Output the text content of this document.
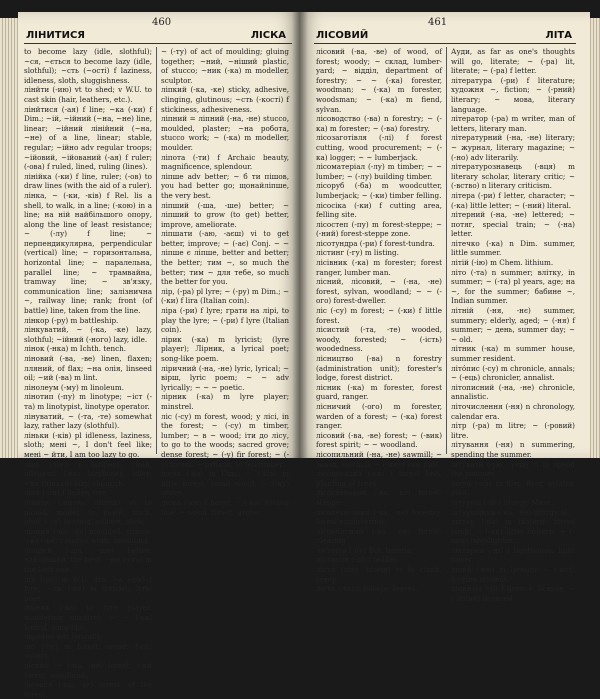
460
ЛІНИТИСЯ	ЛІСКА

to become lazy (idle, slothful); ~ся, ~ється to become lazy (idle, slothful); ~сть (~ості) f laziness, idleness, sloth, sluggishness.

лінйти (-ию) vt to shed; v W.U. to cast skin (hair, leathers, etc.).

лінйтися (-ая) f line; ~ка (-ки) f Dim.; ~ій, ~ійний (~на, ~не) line, linear; ~ійний лінійний (~на, ~не) of a line, linear; stable, regular; ~ійно adv regular troops; ~ійовий, ~ійований (-ая) f ruler; (-ова) f ruled, lined, ruling (lines).

лінійка (-ки) f line, ruler; (-ов) to draw lines (with the aid of a ruler).

лінка, ~ (-ки, -ків) f Rel. lis a shell, to walk, in a line; (-кою) in a line; на ній найбільшого опору, along the line of least resistance; ~ (-лу) f line; ~ перпендикулярна, perpendicular (vertical) line; ~ горизонтальна, horizontal line; ~ паралельна, parallel line; ~ трамвайна, tramway line; ~ зв'язку, communication line; залізнична ~, railway line; rank; front (of battle) line, taken from the line.

лінкор (-ру) m battleship.

лінкуватий, ~ (-кa, -ке) lazy, slothful; ~ійний (-ного) lazy, idle.

лінок (-нка) m Ichth. tench.

ліновий (-ва, -ве) linen, flaxen; лляний, of flax; ~на олія, linseed oil; ~ий (-ва) m lint.

лінолеум (-му) m linoleum.

лінотип (-пу) m linotype; ~іст (-та) m linotypist, linotype operator.

лінуватий, ~ (-та, -те) somewhat lazy, rather lazy (slothful).

ліньки (-ків) pl idleness, laziness, sloth; мені ~, I don't feel like; мені ~ йти, I am too lazy to go.

лінь (ліні) f laziness, sloth, idleness; (-нь) lazybones, idler; ~ки (ліньки) lazy, sluggish.

ліпа (-пи) f linden tree.

ліпити (ліплю, ліпиш) vt to mould, model; to paste, stick, glue; (-ся) to cling, adhere, stick.

ліпний (-на, -не) moulded, stucco; ~ва (-ви) f stucco work, moulding.

ліпший (-ша, -ше) better; найліпший, the best; ~ий (-ого) m the best one.

лір (-ра) m W.U. lira; ~а (-ри) f lyre; ~ик (-ка) m lyricist, lyric poet.

лірник (-ка) m lyre player, wandering minstrel; ~ ~ (-ка) lyrical, song-like.

лірично adv lyrically.

ліс (-су) m forest, wood; (-си) woods.

лісний, ~ (-на, -не) forest; ~ий forest, woodland.

лісовий (-ва, -ве) forest, of the forest.

~ (-ту) of act of moulding; gluing together; ~ний, ~ніший plastic, of stucco; ~ник (-ка) m modeller, sculptor.

ліпкий (-ка, -ке) sticky, adhesive, clinging, glutinous; ~сть (-кості) f stickiness, adhesiveness.

ліпний = ліпний (-на, -не) stucco, moulded, plaster; ~на робота, stucco work; ~ (-ка) m modeller, moulder.

ліпота (-ти) f Archaic beauty, magnificence, splendour.

ліпше adv better; ~ б ти пішов, you had better go; щонайліпше, the very best.

ліпший (-ша, -ше) better; ~ ліпший to grow (to get) better, improve, ameliorate.

ліпшати (-аю, -аєш) vi to get better, improve; ~ (-ає) Conj. ~ ~ ліпше є ліпше, better and better; the better; тим ~, so much the better; тим ~ для тебе, so much the better for you.

лір, (-ра) pl lyre; ~ (-ру) m Dim.; ~ (-ки) f lira (Italian coin).

ліра (-ри) f lyre; грати на лірі, to play the lyre; ~ (-ри) f lyre (Italian coin).

лірик (-ка) m lyricist; (lyre player); Лірник, a lyrical poet; song-like poem.

ліричний (-на, -не) lyric, lyrical; ~ вірш, lyric poem; ~ ~ adv lyrically; ~ ~ ~ poetic.

лірник (-ка) m lyre player; minstrel.

ліс (-су) m forest, wood; у лісі, in the forest; ~ (-су) m timber, lumber; ~ в ~ wood; іти до лісу, to go to the woods; sacred grove; dense forest; ~ (-у) fir forest; ~ (-у) forest; ~ рубати, to fell timber.

лісик (-ка) m Dim.; ~ (-ків) m little forest, small wood; ~ (-ку) grove.

ліска (-ки) f hazel; ~ (-ка) fishing line; ~ wood, forest, grove.

461
ЛІСОВИЙ	ЛІТА

лісовий (-ва, -ве) of wood, of forest; woody; ~ склад, lumber-yard; ~ відділ, department of forestry; ~ ~ (-ка) forester, woodman; ~ (-ка) m forester, woodsman; ~ (-ка) m fiend, sylvan.

лісоводство (-ва) n forestry; ~ (-ка) m forester; ~ (-ва) forestry.

лісозаготівля (-лі) f forest cutting, wood procurement; ~ (-ка) logger; ~ ~ lumberjack.

лісоматеріал (-лу) m timber; ~ ~ lumber; ~ (-лу) building timber.

лісоруб (-ба) m woodcutter, lumberjack; ~ (-ки) timber felling.

лісосіка (-ки) f cutting area, felling site.

лісостеп (-пу) m forest-steppe; ~ (-ний) forest-steppe zone.

лісотундра (-ри) f forest-tundra.

лістинг (-гу) m listing.

лісівник (-ка) m forester; forest ranger, lumber man.

лісний, лісовий, ~ (-на, -не) forest, sylvan, woodland; ~ ~ (-ого) forest-dweller.

ліс (-су) m forest; ~ (-ки) f little forest.

лісистий (-та, -те) wooded, woody, forested; ~ (-ість) woodedness.

лісництво (-ва) n forestry (administration unit); forester's lodge, forest district.

лісник (-ка) m forester, forest guard, ranger.

лісничий (-ого) m forester, warden of a forest; ~ (-ка) forest ranger.

лісовий (-ва, -ве) forest; ~ (-вик) forest spirit; ~ ~ woodland.

лісопильний (-на, -не) sawmill; ~ завод, sawmill; ~ (-ня) f saw mill.

лісопосадка (-ки) f forest belt, planting of trees.

лісостеповий (-ва, -ве) forest-steppe.

лісотехнічний (-на, -не) forestry, forest-engineering.

лісоочисний (-на, -не) forest-clearing.

лістерія (-ії) f Bot. listeria.

ліствиця (-ці) f ladder.

лісти (лізу, лізеш) vi to climb, creep.

лістя (-тя) n foliage, leaves.

Ауди, as far as one's thoughts will go, literate; ~ (-ра) lit, literate; ~ (-ра) f letter.

література (-ри) f literature; художня ~, fiction; ~ (-рний) literary; ~ мова, literary language.

літератор (-ра) m writer, man of letters, literary man.

літературний (-на, -не) literary; ~ журнал, literary magazine; ~ (-но) adv literarily.

літературознавець (-вця) m literary scholar, literary critic; ~ (-вство) n literary criticism.

літера (-ри) f letter, character; ~ (-ка) little letter; ~ (-ний) literal.

літерний (-на, -не) lettered; ~ потяг, special train; ~ (-на) letter.

літечко (-ка) n Dim. summer, little summer.

літій (-ію) m Chem. lithium.

літо (-та) n summer; влітку, in summer; ~ (-та) pl years, age; на ~, for the summer; бабине ~, Indian summer.

літній (-ня, -нє) summer, summery; elderly, aged; ~ (-ня) f summer; ~ день, summer day; ~ ~ old.

літник (-ка) m summer house, summer resident.

літо́пис (-су) m chronicle, annals; ~ (-ець) chronicler, annalist.

літописний (-на, -не) chronicle, annalistic.

літочислення (-ня) n chronology, calendar era.

літр (-ра) m litre; ~ (-ровий) litre.

літування (-ня) n summering, spending the summer.

літувати (-ую, -уєш) vi to spend the summer.

літун (-на) m flier, flyer, aviator, pilot.

літургія (-ії) f liturgy, Mass.

літургійний (-на, -не) liturgical.

ліхтар (-ря) m lantern; street lamp; ~ (-ик) little lantern; ~ (-ник) lamplighter.

ліхтарня (-ні) f lighthouse, light tower.

ліцей (-ею) m lyceum; ~ (-ист) lyceum student.

ліцензія (-ії) f licence, license; ~ (-ійний) licensed.
